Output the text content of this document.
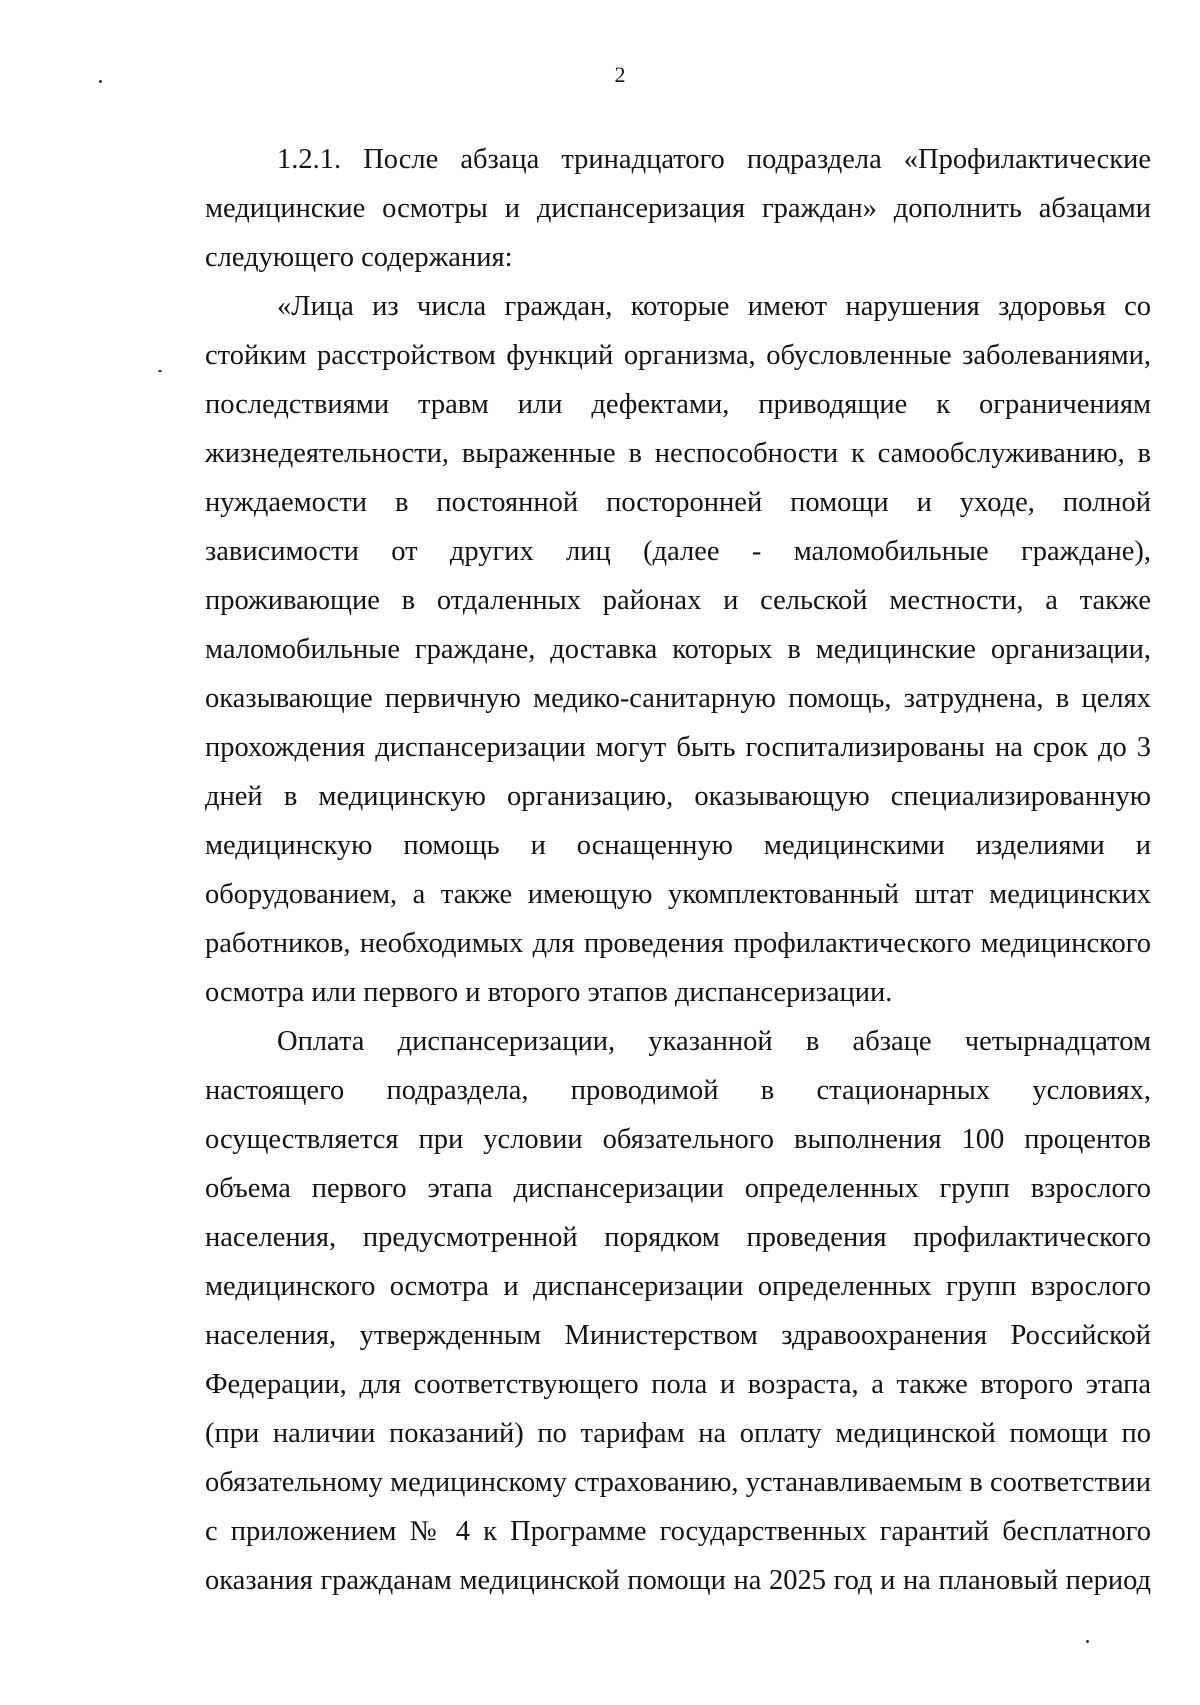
2

1.2.1. После абзаца тринадцатого подраздела «Профилактические медицинские осмотры и диспансеризация граждан» дополнить абзацами следующего содержания:

«Лица из числа граждан, которые имеют нарушения здоровья со стойким расстройством функций организма, обусловленные заболеваниями, последствиями травм или дефектами, приводящие к ограничениям жизнедеятельности, выраженные в неспособности к самообслуживанию, в нуждаемости в постоянной посторонней помощи и уходе, полной зависимости от других лиц (далее - маломобильные граждане), проживающие в отдаленных районах и сельской местности, а также маломобильные граждане, доставка которых в медицинские организации, оказывающие первичную медико-санитарную помощь, затруднена, в целях прохождения диспансеризации могут быть госпитализированы на срок до 3 дней в медицинскую организацию, оказывающую специализированную медицинскую помощь и оснащенную медицинскими изделиями и оборудованием, а также имеющую укомплектованный штат медицинских работников, необходимых для проведения профилактического медицинского осмотра или первого и второго этапов диспансеризации.

Оплата диспансеризации, указанной в абзаце четырнадцатом настоящего подраздела, проводимой в стационарных условиях, осуществляется при условии обязательного выполнения 100 процентов объема первого этапа диспансеризации определенных групп взрослого населения, предусмотренной порядком проведения профилактического медицинского осмотра и диспансеризации определенных групп взрослого населения, утвержденным Министерством здравоохранения Российской Федерации, для соответствующего пола и возраста, а также второго этапа (при наличии показаний) по тарифам на оплату медицинской помощи по обязательному медицинскому страхованию, устанавливаемым в соответствии с приложением № 4 к Программе государственных гарантий бесплатного оказания гражданам медицинской помощи на 2025 год и на плановый период
